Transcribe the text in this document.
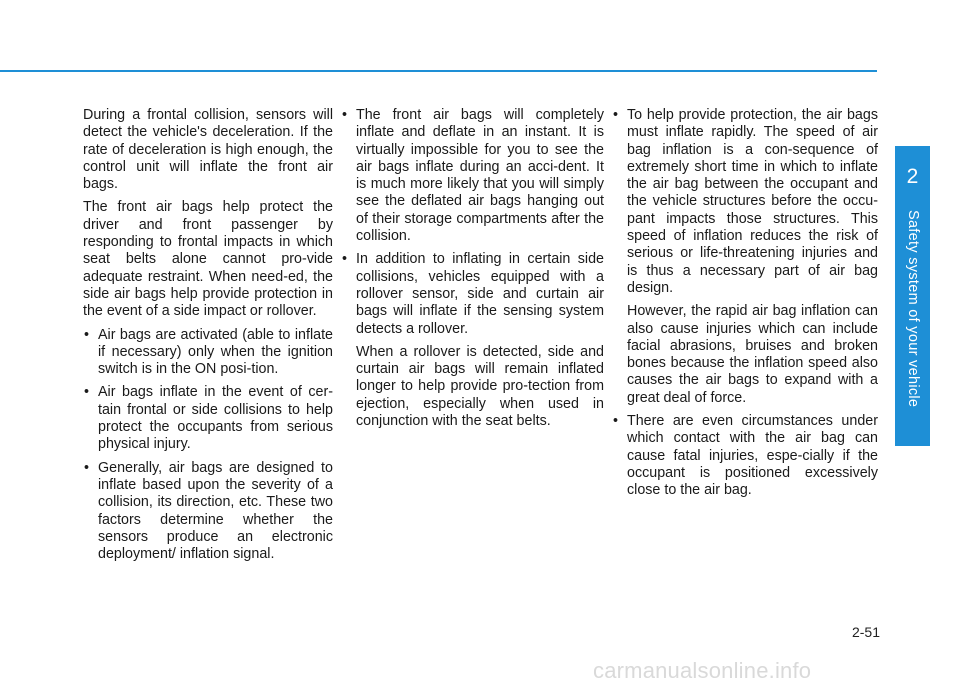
2
Safety system of your vehicle

During a frontal collision, sensors will detect the vehicle's deceleration. If the rate of deceleration is high enough, the control unit will inflate the front air bags.

The front air bags help protect the driver and front passenger by responding to frontal impacts in which seat belts alone cannot pro-vide adequate restraint. When need-ed, the side air bags help provide protection in the event of a side impact or rollover.

• Air bags are activated (able to inflate if necessary) only when the ignition switch is in the ON posi-tion.
• Air bags inflate in the event of cer-tain frontal or side collisions to help protect the occupants from serious physical injury.
• Generally, air bags are designed to inflate based upon the severity of a collision, its direction, etc. These two factors determine whether the sensors produce an electronic deployment/ inflation signal.
• The front air bags will completely inflate and deflate in an instant. It is virtually impossible for you to see the air bags inflate during an acci-dent. It is much more likely that you will simply see the deflated air bags hanging out of their storage compartments after the collision.

• In addition to inflating in certain side collisions, vehicles equipped with a rollover sensor, side and curtain air bags will inflate if the sensing system detects a rollover.

When a rollover is detected, side and curtain air bags will remain inflated longer to help provide pro-tection from ejection, especially when used in conjunction with the seat belts.

• To help provide protection, the air bags must inflate rapidly. The speed of air bag inflation is a con-sequence of extremely short time in which to inflate the air bag between the occupant and the vehicle structures before the occu-pant impacts those structures. This speed of inflation reduces the risk of serious or life-threatening injuries and is thus a necessary part of air bag design.

However, the rapid air bag inflation can also cause injuries which can include facial abrasions, bruises and broken bones because the inflation speed also causes the air bags to expand with a great deal of force.

• There are even circumstances under which contact with the air bag can cause fatal injuries, espe-cially if the occupant is positioned excessively close to the air bag.
2-51
carmanualsonline.info
